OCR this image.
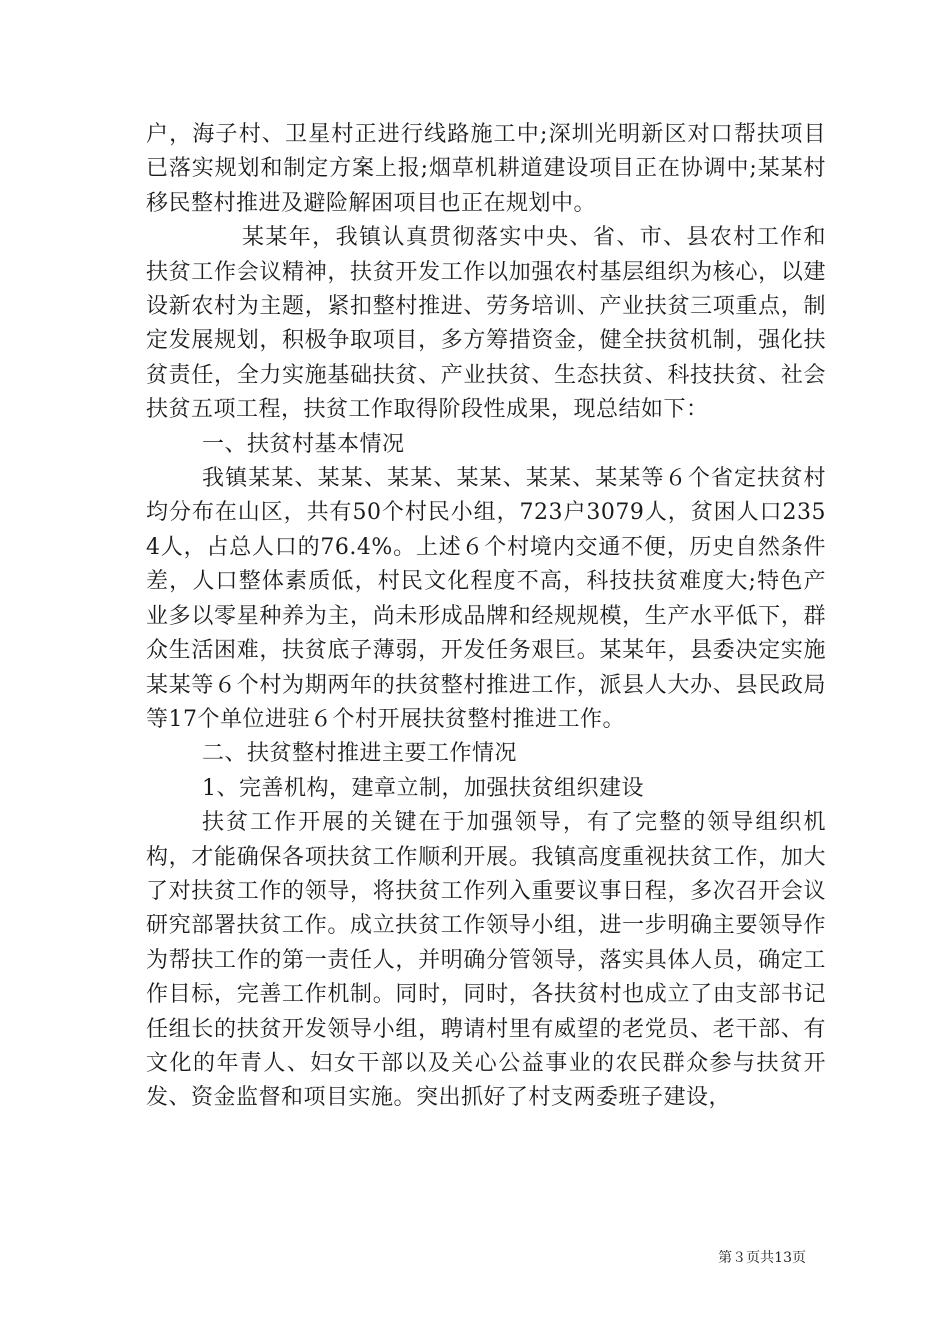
户，海子村、卫星村正进行线路施工中;深圳光明新区对口帮扶项目已落实规划和制定方案上报;烟草机耕道建设项目正在协调中;某某村移民整村推进及避险解困项目也正在规划中。

某某年，我镇认真贯彻落实中央、省、市、县农村工作和扶贫工作会议精神，扶贫开发工作以加强农村基层组织为核心，以建设新农村为主题，紧扣整村推进、劳务培训、产业扶贫三项重点，制定发展规划，积极争取项目，多方筹措资金，健全扶贫机制，强化扶贫责任，全力实施基础扶贫、产业扶贫、生态扶贫、科技扶贫、社会扶贫五项工程，扶贫工作取得阶段性成果，现总结如下：

一、扶贫村基本情况

我镇某某、某某、某某、某某、某某、某某等６个省定扶贫村均分布在山区，共有50个村民小组，723户3079人，贫困人口2354人，占总人口的76.4%。上述６个村境内交通不便，历史自然条件差，人口整体素质低，村民文化程度不高，科技扶贫难度大;特色产业多以零星种养为主，尚未形成品牌和经规规模，生产水平低下，群众生活困难，扶贫底子薄弱，开发任务艰巨。某某年，县委决定实施某某等６个村为期两年的扶贫整村推进工作，派县人大办、县民政局等17个单位进驻６个村开展扶贫整村推进工作。

二、扶贫整村推进主要工作情况

1、完善机构，建章立制，加强扶贫组织建设

扶贫工作开展的关键在于加强领导，有了完整的领导组织机构，才能确保各项扶贫工作顺利开展。我镇高度重视扶贫工作，加大了对扶贫工作的领导，将扶贫工作列入重要议事日程，多次召开会议研究部署扶贫工作。成立扶贫工作领导小组，进一步明确主要领导作为帮扶工作的第一责任人，并明确分管领导，落实具体人员，确定工作目标，完善工作机制。同时，同时，各扶贫村也成立了由支部书记任组长的扶贫开发领导小组，聘请村里有威望的老党员、老干部、有文化的年青人、妇女干部以及关心公益事业的农民群众参与扶贫开发、资金监督和项目实施。突出抓好了村支两委班子建设，

第３页共13页
